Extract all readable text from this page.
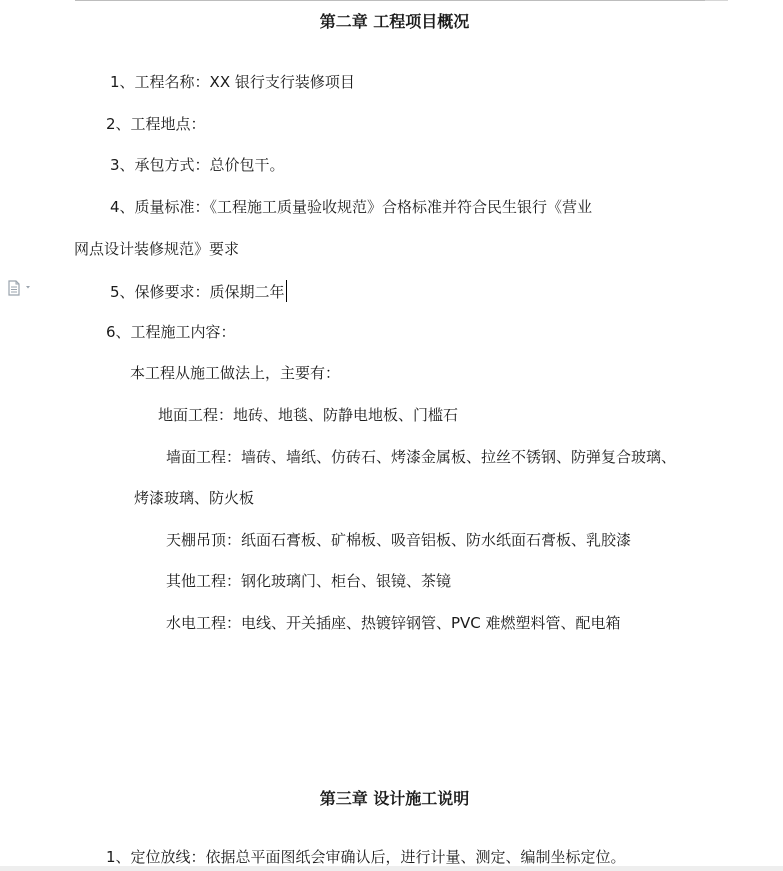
第二章 工程项目概况
1、工程名称：XX 银行支行装修项目
2、工程地点：
3、承包方式：总价包干。
4、质量标准：《工程施工质量验收规范》合格标准并符合民生银行《营业
网点设计装修规范》要求
5、保修要求：质保期二年
6、工程施工内容：
本工程从施工做法上，主要有：
地面工程：地砖、地毯、防静电地板、门槛石
墙面工程：墙砖、墙纸、仿砖石、烤漆金属板、拉丝不锈钢、防弹复合玻璃、
烤漆玻璃、防火板
天棚吊顶：纸面石膏板、矿棉板、吸音铝板、防水纸面石膏板、乳胶漆
其他工程：钢化玻璃门、柜台、银镜、茶镜
水电工程：电线、开关插座、热镀锌钢管、PVC 难燃塑料管、配电箱
第三章 设计施工说明
1、定位放线：依据总平面图纸会审确认后，进行计量、测定、编制坐标定位。
